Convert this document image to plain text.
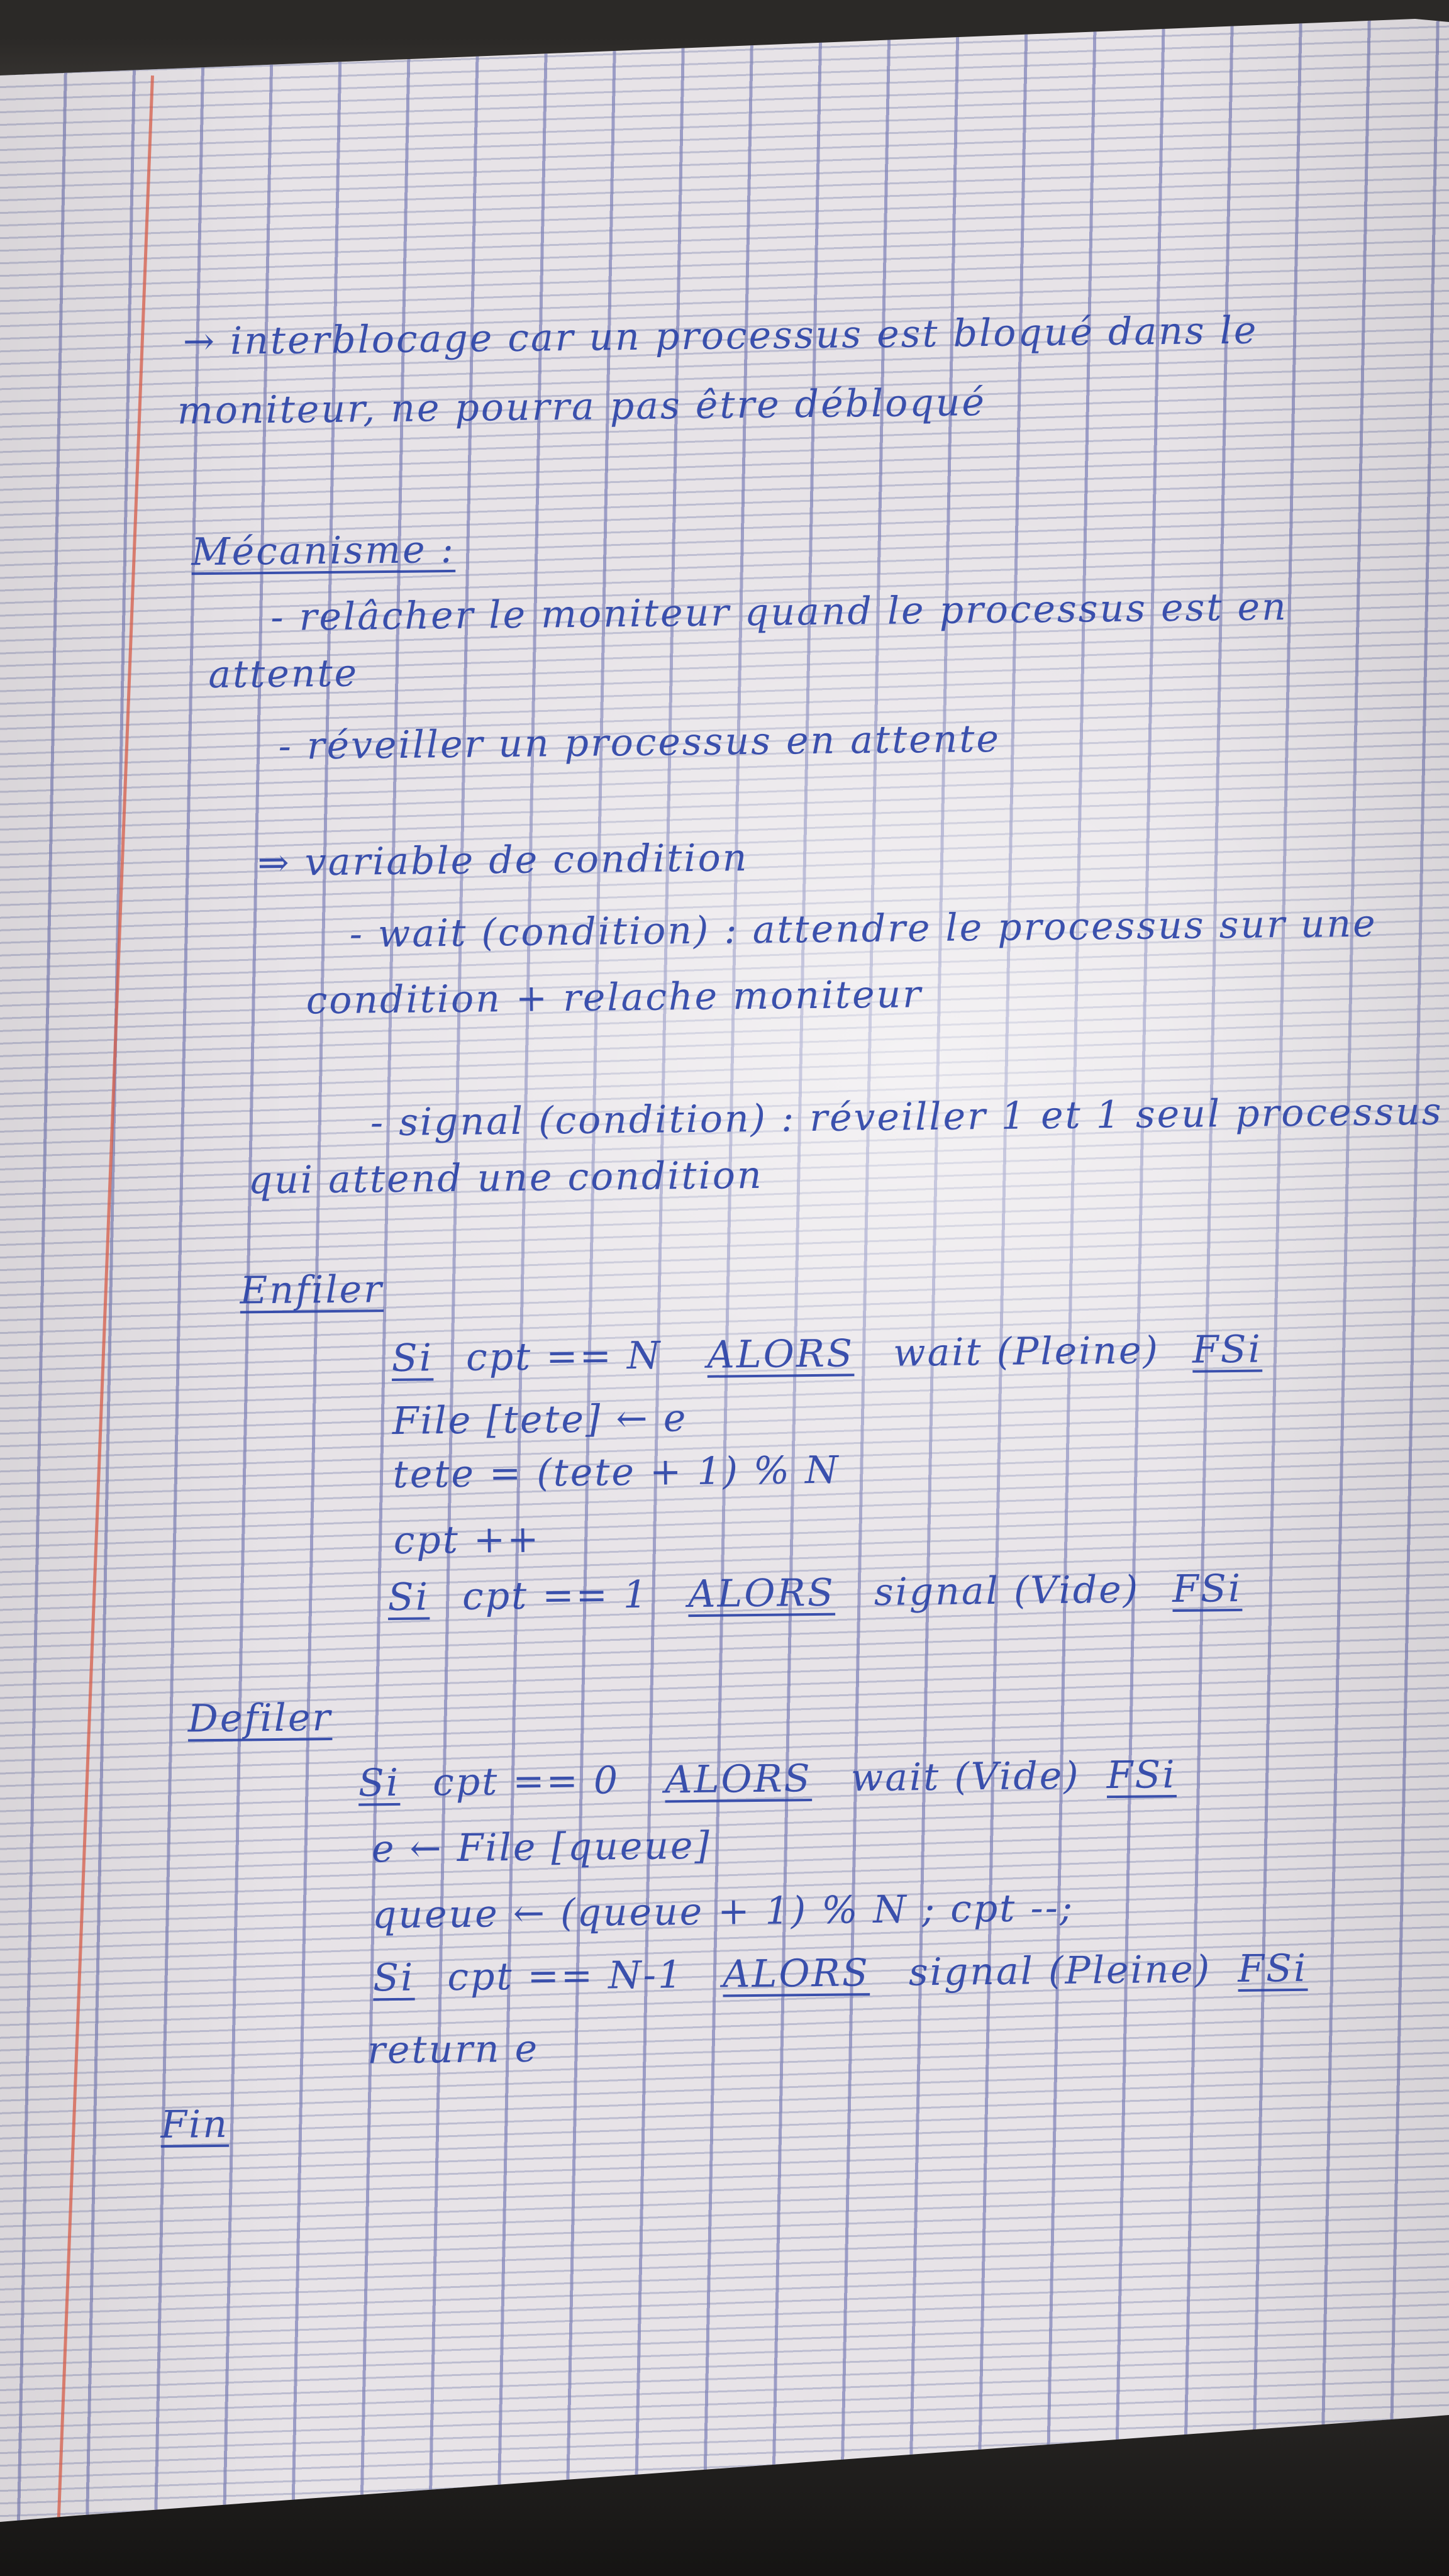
→ interblocage car un processus est bloqué dans le
moniteur, ne pourra pas être débloqué
Mécanisme :
- relâcher le moniteur quand le processus est en
attente
- réveiller un processus en attente
⇒ variable de condition
- wait (condition) : attendre le processus sur une
condition + relache moniteur
- signal (condition) : réveiller 1 et 1 seul processus
qui attend une condition
Enfiler
Si cpt == N ALORS wait (Pleine) FSi
File [tete] ← e
tete = (tete + 1) % N
cpt ++
Si cpt == 1 ALORS signal (Vide) FSi
Defiler
Si cpt == 0 ALORS wait (Vide) FSi
e ← File [queue]
queue ← (queue + 1) % N ; cpt --;
Si cpt == N-1 ALORS signal (Pleine) FSi
return e
Fin
